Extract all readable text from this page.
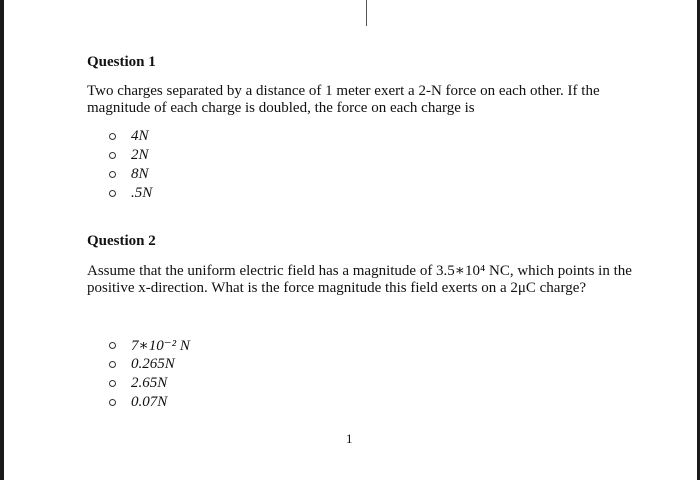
Question 1

Two charges separated by a distance of 1 meter exert a 2-N force on each other. If the magnitude of each charge is doubled, the force on each charge is

4N
2N
8N
.5N
Question 2

Assume that the uniform electric field has a magnitude of 3.5∗10⁴ NC, which points in the positive x-direction. What is the force magnitude this field exerts on a 2μC charge?

7∗10⁻² N
0.265N
2.65N
0.07N
1
